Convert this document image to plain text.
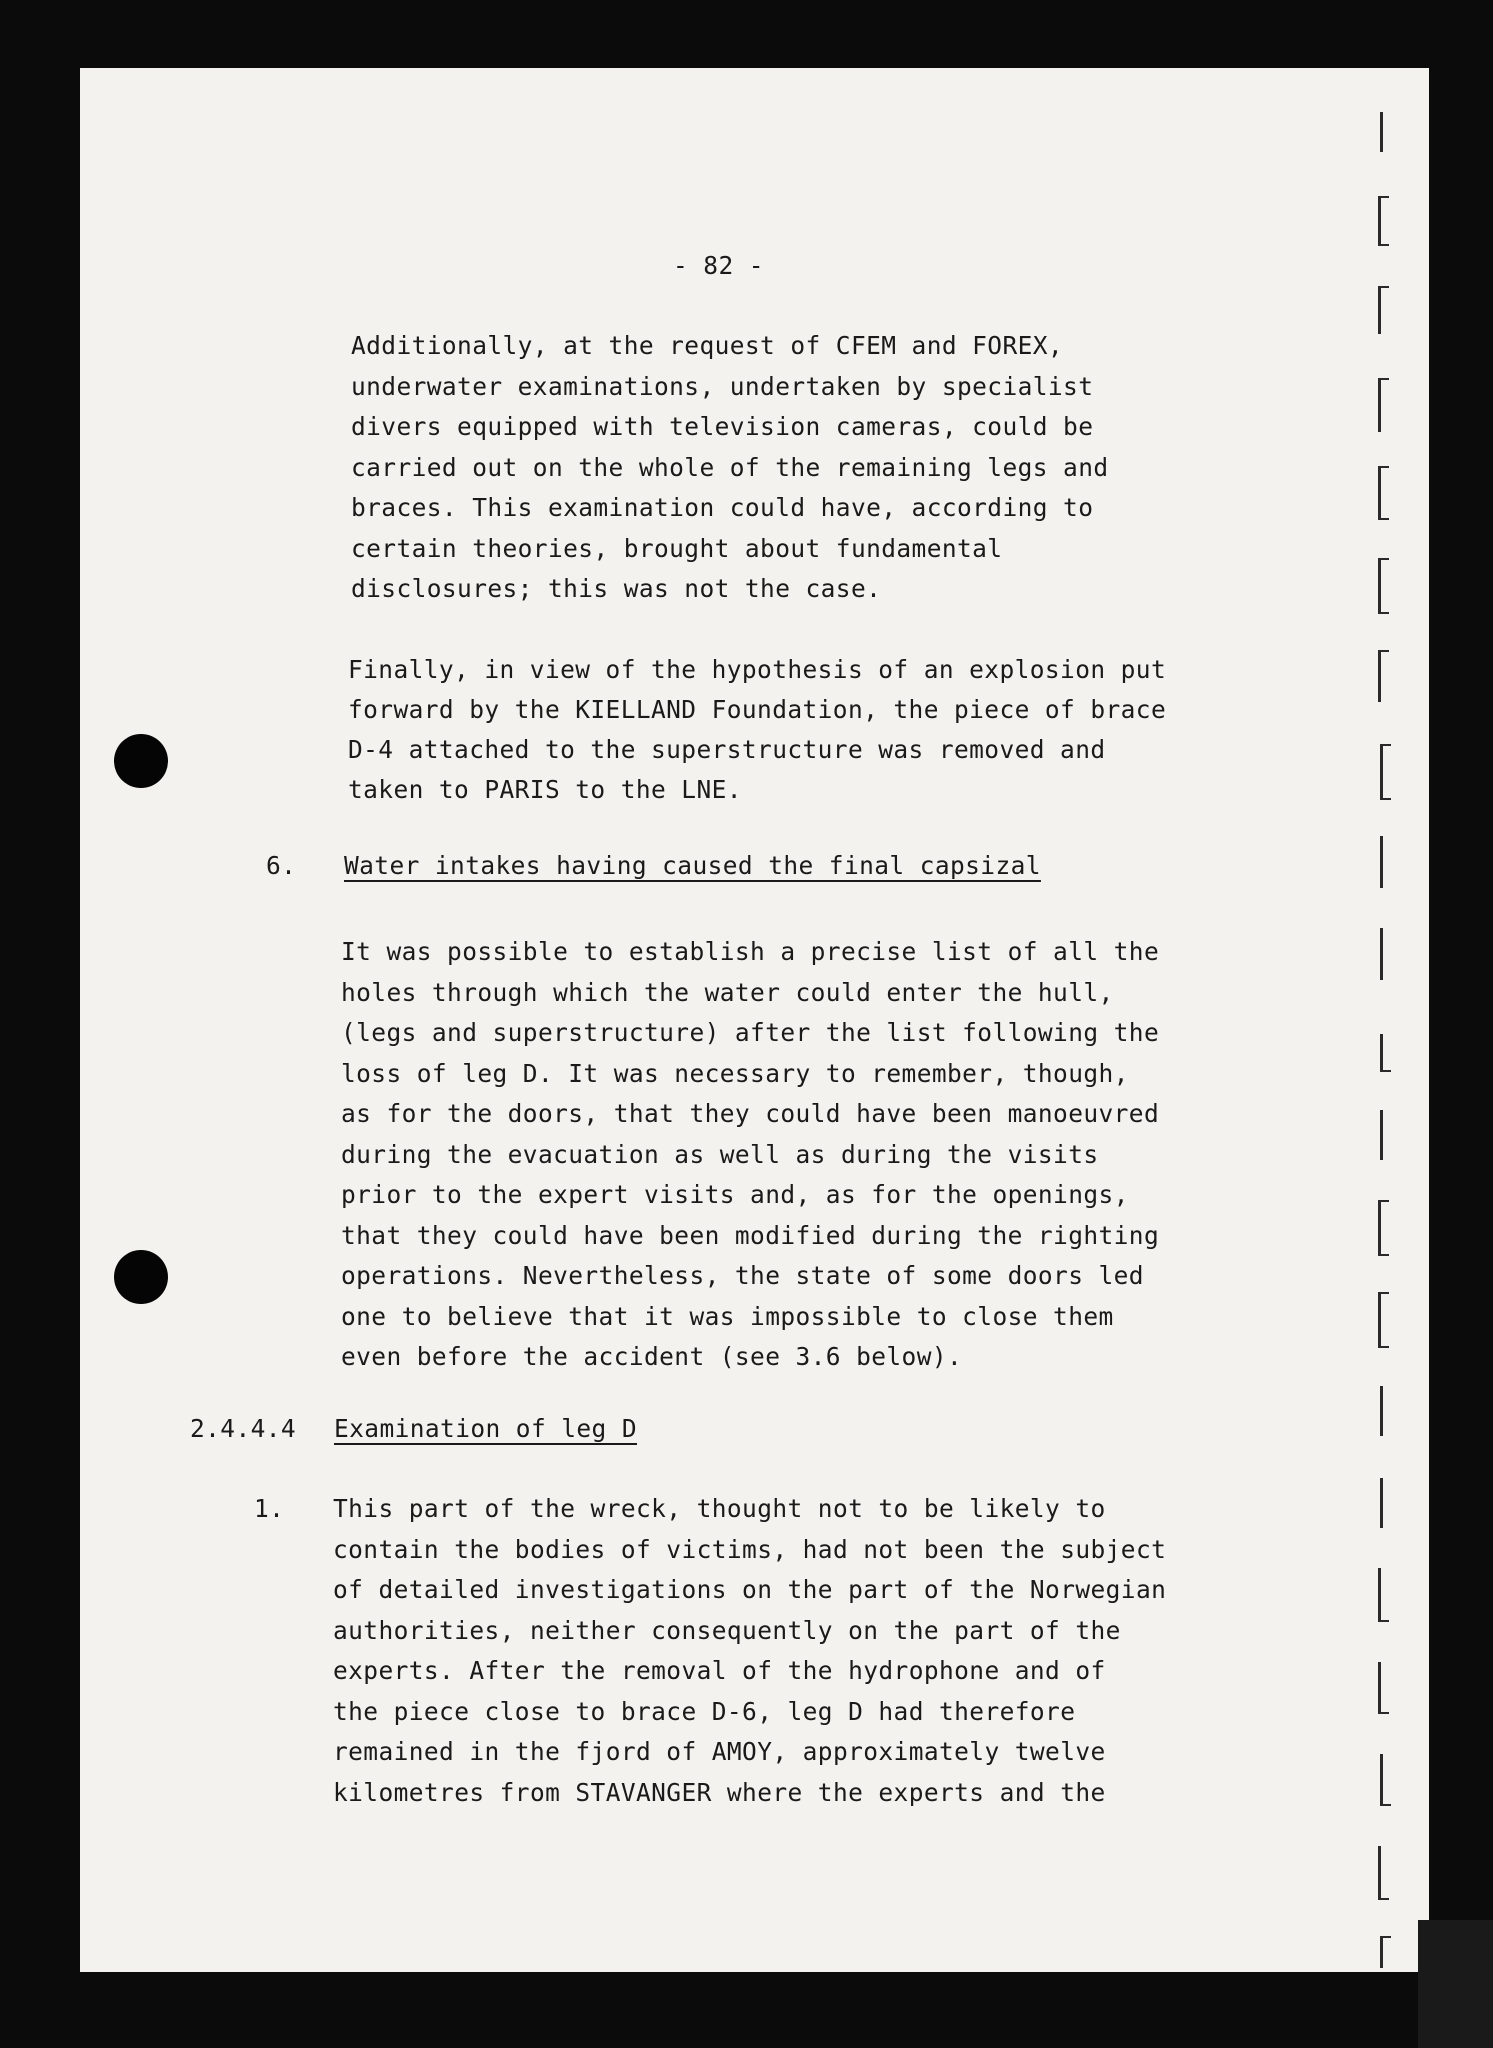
- 82 -
Additionally, at the request of CFEM and FOREX,
underwater examinations, undertaken by specialist
divers equipped with television cameras, could be
carried out on the whole of the remaining legs and
braces. This examination could have, according to
certain theories, brought about fundamental
disclosures; this was not the case.
Finally, in view of the hypothesis of an explosion put
forward by the KIELLAND Foundation, the piece of brace
D-4 attached to the superstructure was removed and
taken to PARIS to the LNE.
6. Water intakes having caused the final capsizal
It was possible to establish a precise list of all the
holes through which the water could enter the hull,
(legs and superstructure) after the list following the
loss of leg D. It was necessary to remember, though,
as for the doors, that they could have been manoeuvred
during the evacuation as well as during the visits
prior to the expert visits and, as for the openings,
that they could have been modified during the righting
operations. Nevertheless, the state of some doors led
one to believe that it was impossible to close them
even before the accident (see 3.6 below).
2.4.4.4 Examination of leg D
1. This part of the wreck, thought not to be likely to
contain the bodies of victims, had not been the subject
of detailed investigations on the part of the Norwegian
authorities, neither consequently on the part of the
experts. After the removal of the hydrophone and of
the piece close to brace D-6, leg D had therefore
remained in the fjord of AMOY, approximately twelve
kilometres from STAVANGER where the experts and the
